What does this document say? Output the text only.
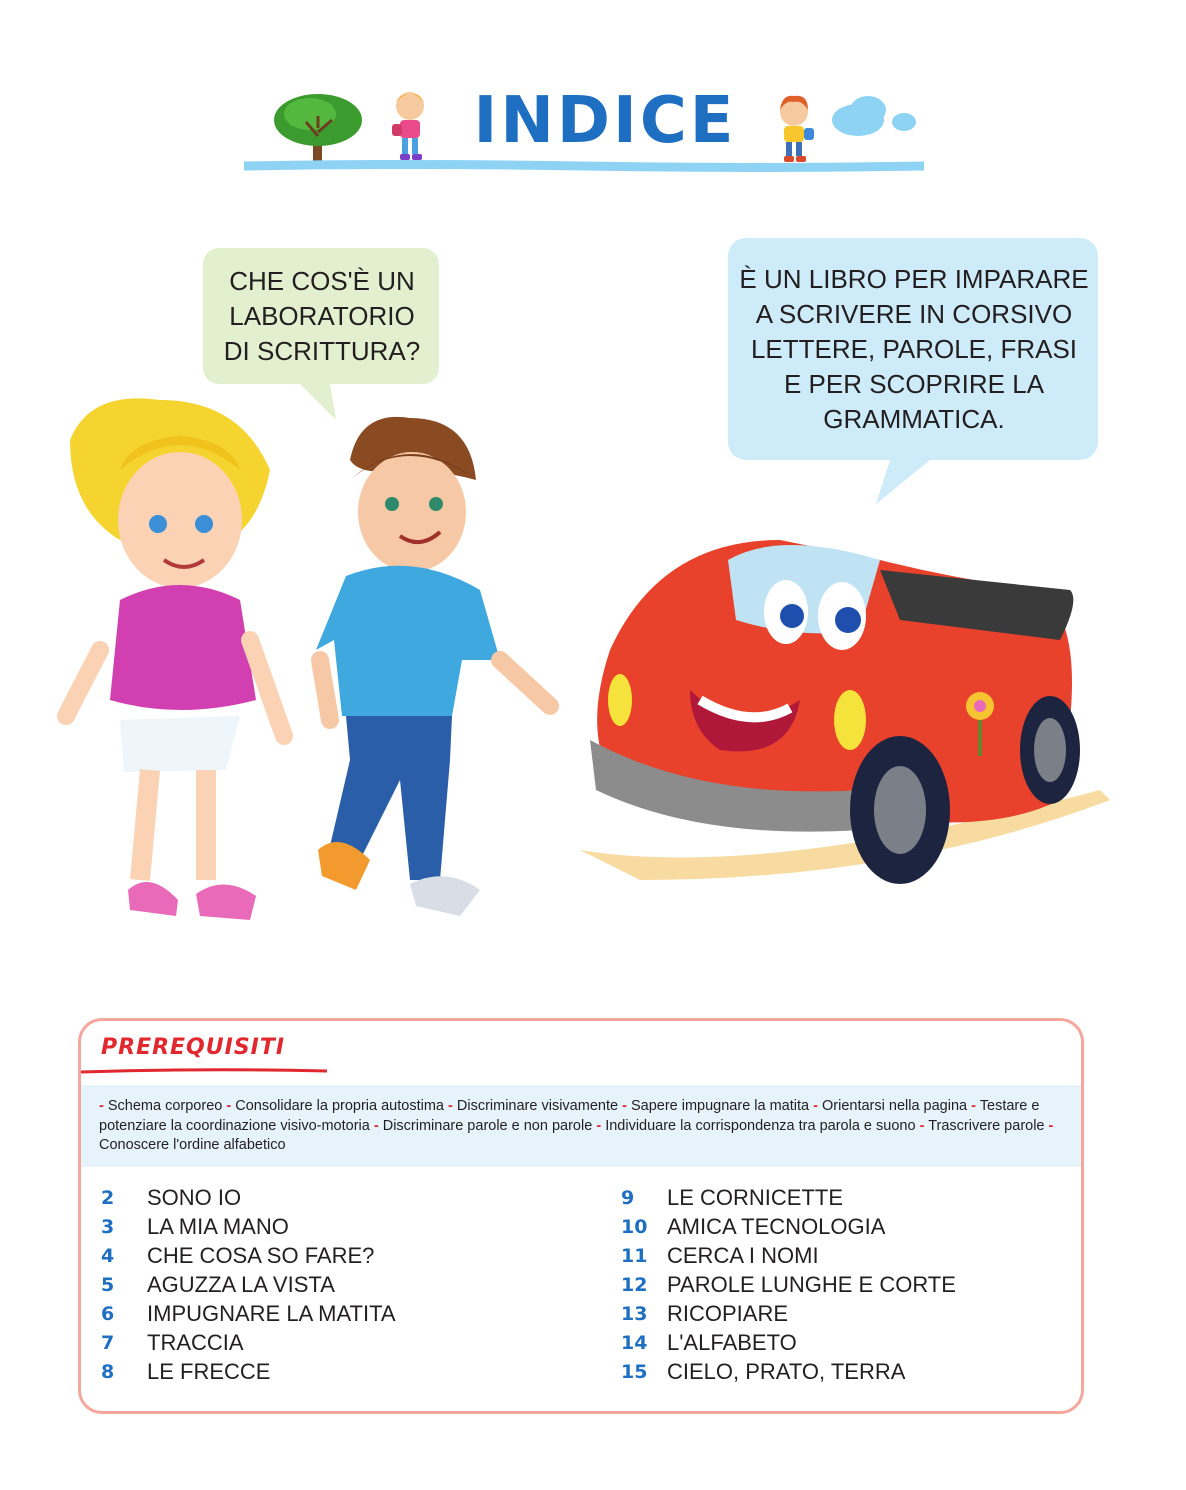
INDICE
CHE COS'È UN
LABORATORIO
DI SCRITTURA?
È UN LIBRO PER IMPARARE
A SCRIVERE IN CORSIVO
LETTERE, PAROLE, FRASI
E PER SCOPRIRE LA
GRAMMATICA.
PREREQUISITI
- Schema corporeo - Consolidare la propria autostima - Discriminare visivamente - Sapere impugnare la matita - Orientarsi nella pagina - Testare e potenziare la coordinazione visivo-motoria - Discriminare parole e non parole - Individuare la corrispondenza tra parola e suono - Trascrivere parole - Conoscere l'ordine alfabetico
2	SONO IO
3	LA MIA MANO
4	CHE COSA SO FARE?
5	AGUZZA LA VISTA
6	IMPUGNARE LA MATITA
7	TRACCIA
8	LE FRECCE
9	LE CORNICETTE
10 AMICA TECNOLOGIA
11 CERCA I NOMI
12 PAROLE LUNGHE E CORTE
13 RICOPIARE
14 L'ALFABETO
15 CIELO, PRATO, TERRA
